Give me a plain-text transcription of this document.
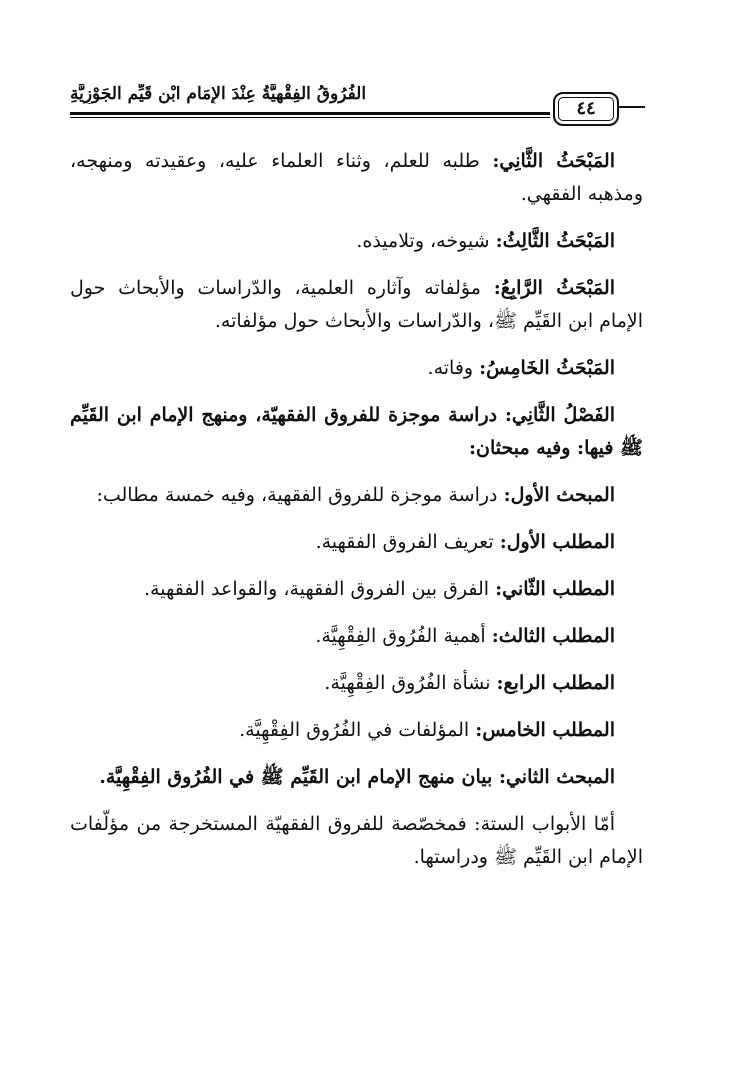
الفُرُوقُ الفِقْهِيَّةُ عِنْدَ الإِمَامِ ابْنِ قَيِّمِ الجَوْزِيَّةِ
٤٤

المَبْحَثُ الثَّانِي: طلبه للعلم، وثناء العلماء عليه، وعقيدته ومنهجه، ومذهبه الفقهي.

المَبْحَثُ الثَّالِثُ: شيوخه، وتلاميذه.

المَبْحَثُ الرَّابِعُ: مؤلفاته وآثاره العلمية، والدّراسات والأبحاث حول الإمام ابن القَيِّم ﷺ، والدّراسات والأبحاث حول مؤلفاته.

المَبْحَثُ الخَامِسُ: وفاته.

الفَصْلُ الثَّانِي: دراسة موجزة للفروق الفقهيّة، ومنهج الإمام ابن القَيِّم ﷺ فيها: وفيه مبحثان:

المبحث الأول: دراسة موجزة للفروق الفقهية، وفيه خمسة مطالب:

المطلب الأول: تعريف الفروق الفقهية.

المطلب الثّاني: الفرق بين الفروق الفقهية، والقواعد الفقهية.

المطلب الثالث: أهمية الفُرُوق الفِقْهِيَّة.

المطلب الرابع: نشأة الفُرُوق الفِقْهِيَّة.

المطلب الخامس: المؤلفات في الفُرُوق الفِقْهِيَّة.

المبحث الثاني: بيان منهج الإمام ابن القَيِّم ﷺ في الفُرُوق الفِقْهِيَّة.

أمّا الأبواب الستة: فمخصّصة للفروق الفقهيّة المستخرجة من مؤلّفات الإمام ابن القَيِّم ﷺ ودراستها.
